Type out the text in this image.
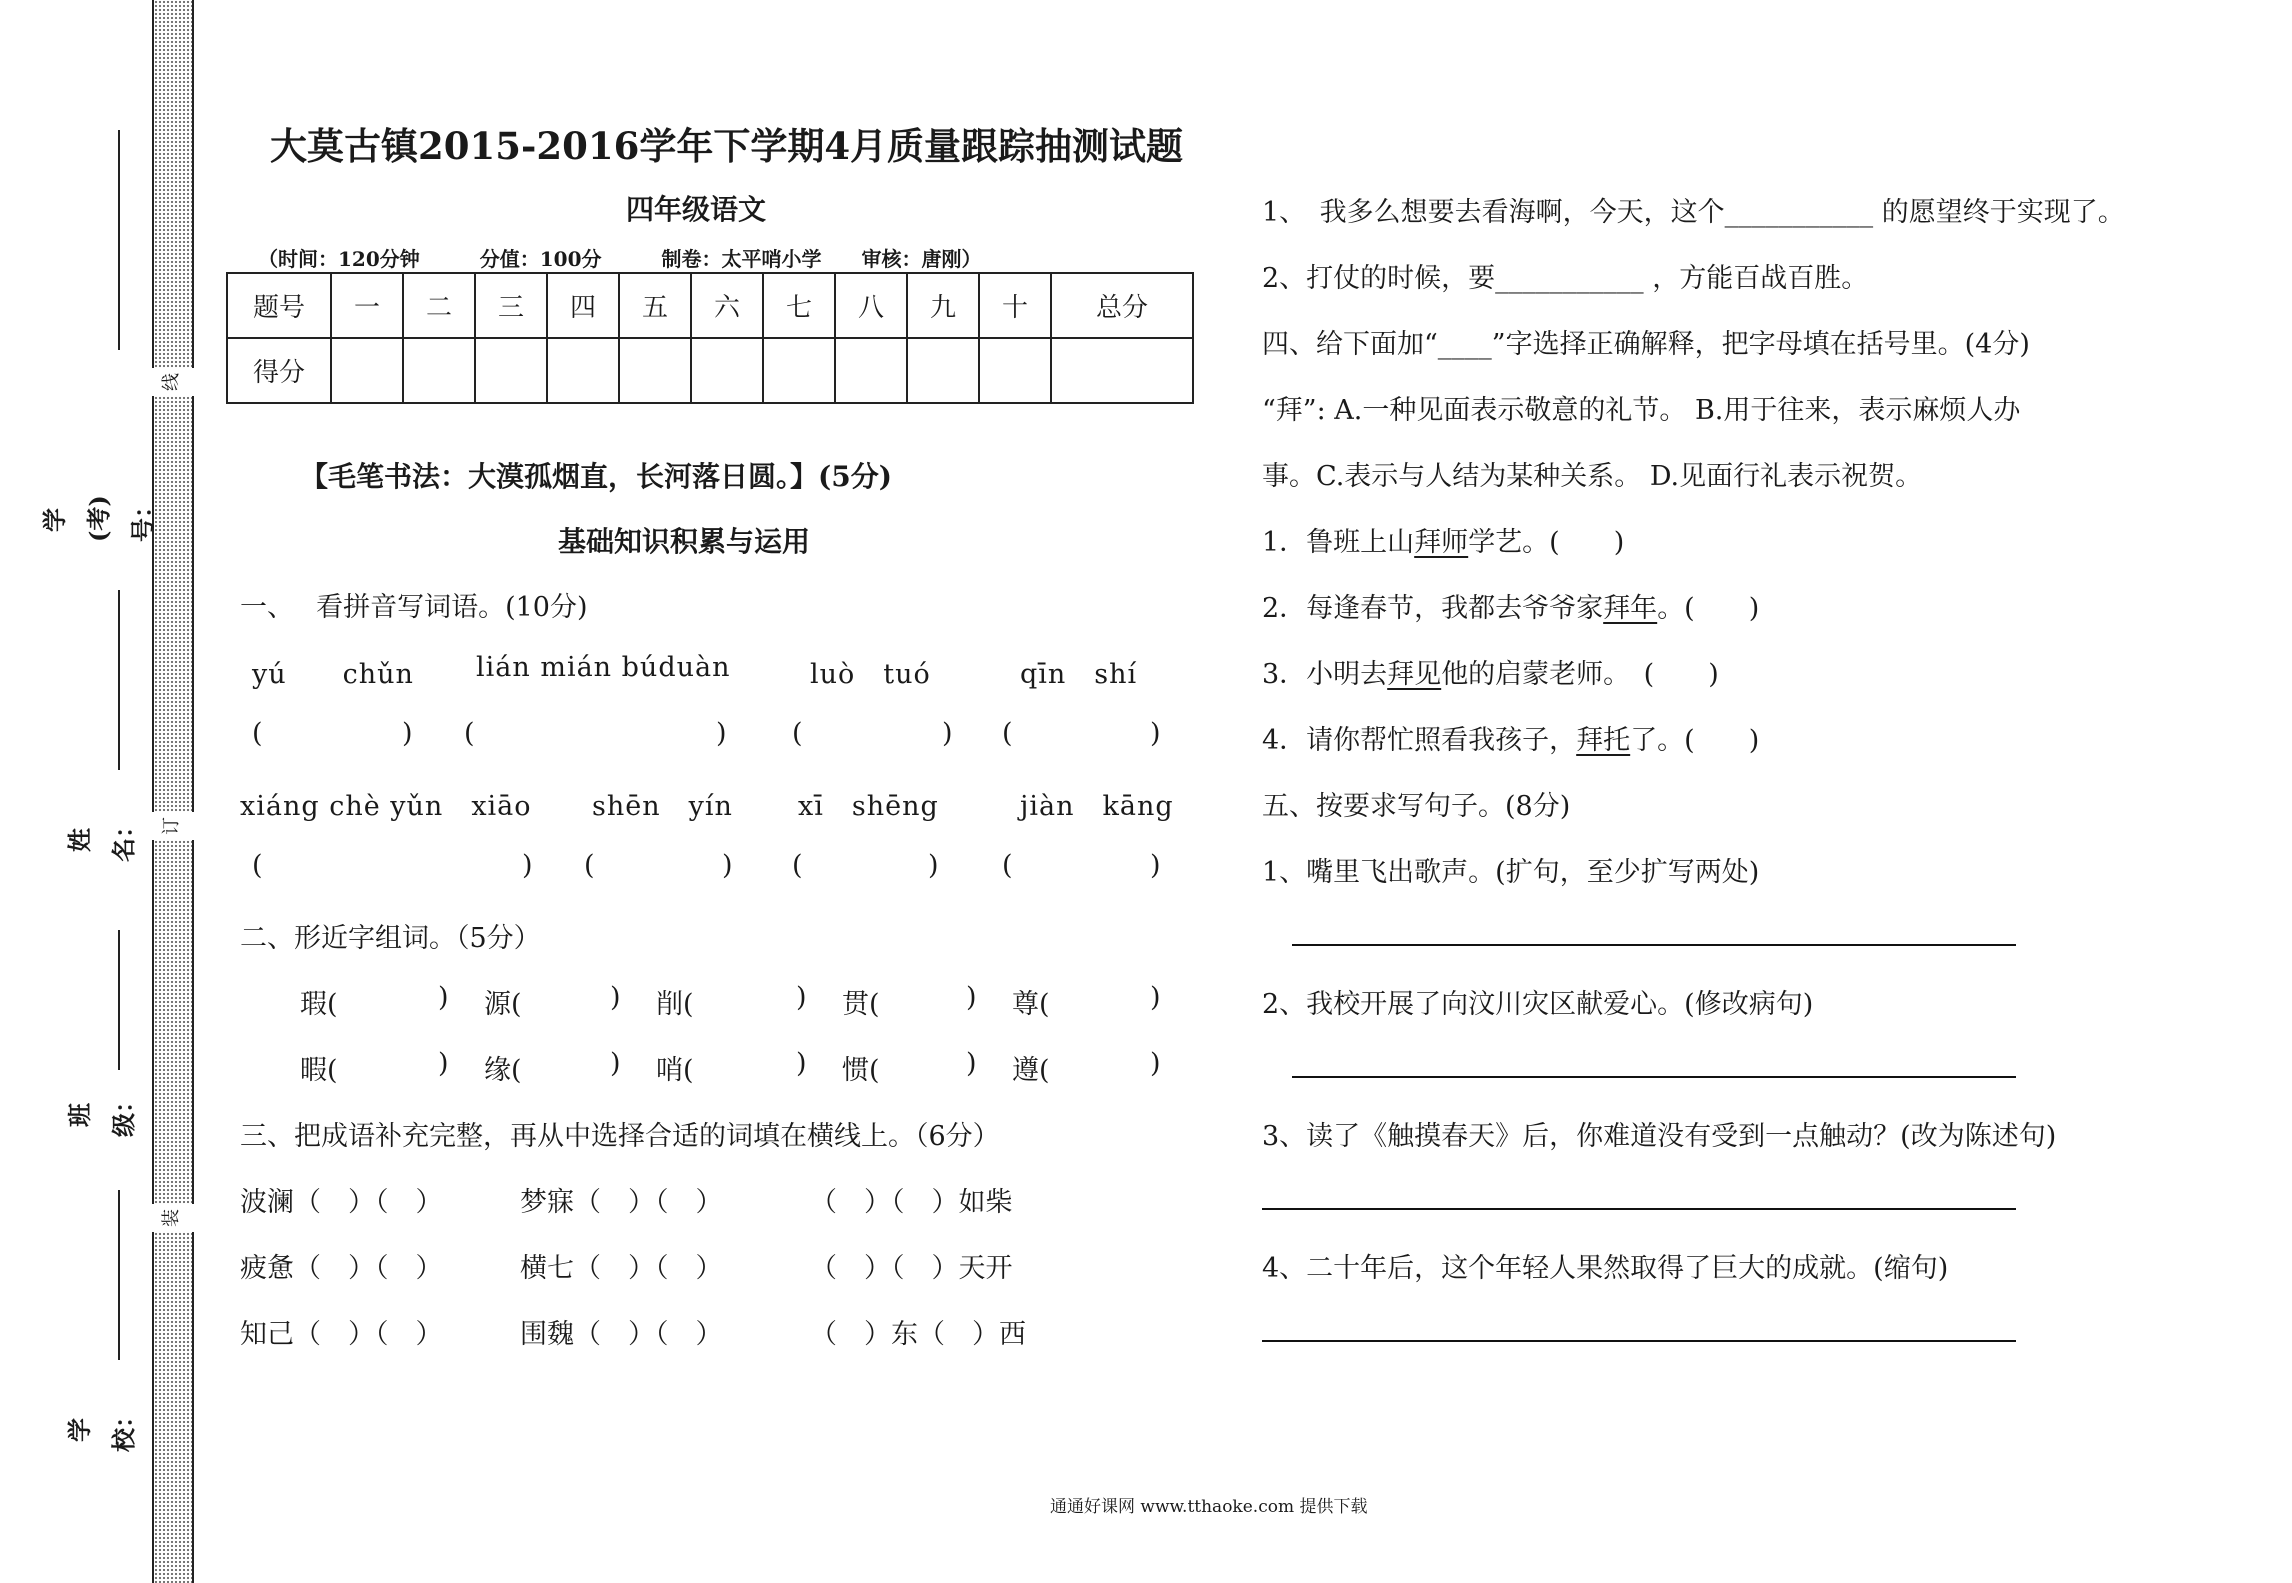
线
订
装
学(考)号：
姓名：
班级：
学校：
大莫古镇2015-2016学年下学期4月质量跟踪抽测试题
四年级语文
（时间：120分钟　　　分值：100分　　　制卷：太平哨小学　　审核：唐刚）
题号	一	二	三	四	五	六	七	八	九	十	总分
得分											
【毛笔书法：大漠孤烟直，长河落日圆。】(5分)
基础知识积累与运用
一、　 看拼音写词语。(10分)
yú　　chǔn lián mián búduàn	luò　tuó	qīn　shí
(	) (	) (	) (	)
xiáng chè yǔn　xiāo shēn　yín xī　shēng	jiàn　kāng
(	) (	) (	) (	)
二、形近字组词。（5分）
瑕(	) 源(	) 削(	) 贯(	) 尊(	)
暇(	) 缘(	) 哨(	) 惯(	) 遵(	)
三、把成语补充完整，再从中选择合适的词填在横线上。（6分）
波澜（　）（　）	梦寐（　）（　）	（　）（　）如柴
疲惫（　）（　）	横七（　）（　）	（　）（　）天开
知己（　）（　）	围魏（　）（　）	（　）东（　）西
1、　我多么想要去看海啊，今天，这个___________ 的愿望终于实现了。
2、打仗的时候，要___________ ，方能百战百胜。
四、给下面加“____”字选择正确解释，把字母填在括号里。(4分)
“拜”: A.一种见面表示敬意的礼节。 B.用于往来，表示麻烦人办
事。C.表示与人结为某种关系。 D.见面行礼表示祝贺。
1．鲁班上山拜师学艺。(　　)
2．每逢春节，我都去爷爷家拜年。(　　)
3．小明去拜见他的启蒙老师。　(　　)
4．请你帮忙照看我孩子，拜托了。(　　)
五、按要求写句子。(8分)
1、嘴里飞出歌声。(扩句，至少扩写两处)
2、我校开展了向汶川灾区献爱心。(修改病句)
3、读了《触摸春天》后，你难道没有受到一点触动？(改为陈述句)
4、二十年后，这个年轻人果然取得了巨大的成就。(缩句)
通通好课网 www.tthaoke.com 提供下载
